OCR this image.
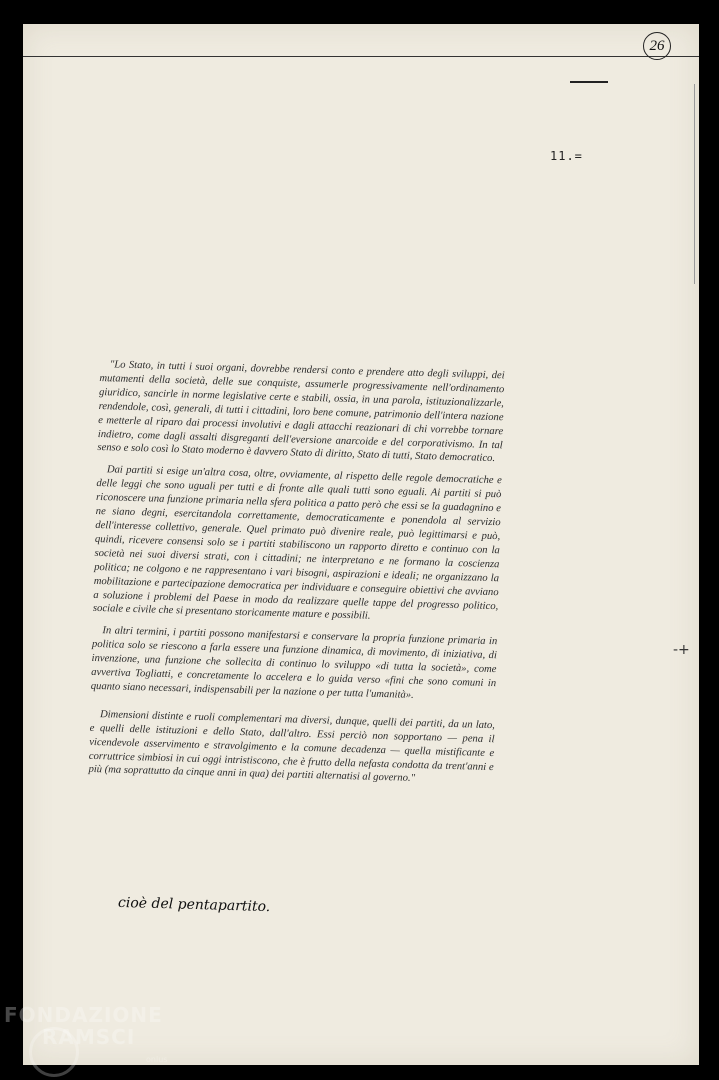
26
11.=
-+

"Lo Stato, in tutti i suoi organi, dovrebbe rendersi conto e prendere atto degli sviluppi, dei mutamenti della società, delle sue conquiste, assumerle progressivamente nell'ordinamento giuridico, sancirle in norme legislative certe e stabili, ossia, in una parola, istituzionalizzarle, rendendole, così, generali, di tutti i cittadini, loro bene comune, patrimonio dell'intera nazione e metterle al riparo dai processi involutivi e dagli attacchi reazionari di chi vorrebbe tornare indietro, come dagli assalti disgreganti dell'eversione anarcoide e del corporativismo. In tal senso e solo così lo Stato moderno è davvero Stato di diritto, Stato di tutti, Stato democratico.

Dai partiti si esige un'altra cosa, oltre, ovviamente, al rispetto delle regole democratiche e delle leggi che sono uguali per tutti e di fronte alle quali tutti sono eguali. Ai partiti si può riconoscere una funzione primaria nella sfera politica a patto però che essi se la guadagnino e ne siano degni, esercitandola correttamente, democraticamente e ponendola al servizio dell'interesse collettivo, generale. Quel primato può divenire reale, può legittimarsi e può, quindi, ricevere consensi solo se i partiti stabiliscono un rapporto diretto e continuo con la società nei suoi diversi strati, con i cittadini; ne interpretano e ne formano la coscienza politica; ne colgono e ne rappresentano i vari bisogni, aspirazioni e ideali; ne organizzano la mobilitazione e partecipazione democratica per individuare e conseguire obiettivi che avviano a soluzione i problemi del Paese in modo da realizzare quelle tappe del progresso politico, sociale e civile che si presentano storicamente mature e possibili.

In altri termini, i partiti possono manifestarsi e conservare la propria funzione primaria in politica solo se riescono a farla essere una funzione dinamica, di movimento, di iniziativa, di invenzione, una funzione che sollecita di continuo lo sviluppo «di tutta la società», come avvertiva Togliatti, e concretamente lo accelera e lo guida verso «fini che sono comuni in quanto siano necessari, indispensabili per la nazione o per tutta l'umanità».

Dimensioni distinte e ruoli complementari ma diversi, dunque, quelli dei partiti, da un lato, e quelli delle istituzioni e dello Stato, dall'altro. Essi perciò non sopportano — pena il vicendevole asservimento e stravolgimento e la comune decadenza — quella mistificante e corruttrice simbiosi in cui oggi intristiscono, che è frutto della nefasta condotta da trent'anni e più (ma soprattutto da cinque anni in qua) dei partiti alternatisi al governo."

cioè del pentapartito.
FONDAZIONE
RAMSCI
onlus
